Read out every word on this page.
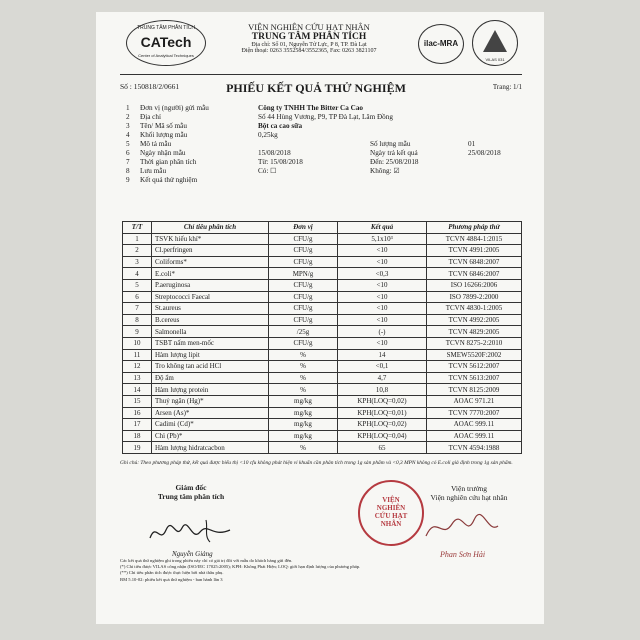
TRUNG TÂM PHÂN TÍCH
CATech
Center of Analytical Techniques
VIỆN NGHIÊN CỨU HẠT NHÂN
TRUNG TÂM PHÂN TÍCH
Địa chỉ: Số 01, Nguyễn Tử Lực, P 8, TP. Đà Lạt
Điện thoại: 0263 3552584/3552365, Fax: 0263 3821107
ilac-MRA
VILAS 031
Số : 150818/2/0661	PHIẾU KẾT QUẢ THỬ NGHIỆM	Trang: 1/1
1 Đơn vị (người) gửi mẫu	Công ty TNHH The Bitter Ca Cao
2 Địa chỉ	Số 44 Hùng Vương, P9, TP Đà Lạt, Lâm Đồng
3 Tên/ Mã số mẫu	Bột ca cao sữa
4 Khối lượng mẫu	0,25kg
5 Mô tả mẫu	Số lượng mẫu	01
6 Ngày nhận mẫu	15/08/2018	Ngày trả kết quả	25/08/2018
7 Thời gian phân tích	Từ: 15/08/2018	Đến: 25/08/2018
8 Lưu mẫu	Có: ☐	Không: ☑
9 Kết quả thử nghiệm
T/T	Chỉ tiêu phân tích	Đơn vị	Kết quả	Phương pháp thử
1	TSVK hiếu khí*	CFU/g	5,1x10³	TCVN 4884-1:2015
2	Cl.perfringen	CFU/g	<10	TCVN 4991:2005
3	Coliforms*	CFU/g	<10	TCVN 6848:2007
4	E.coli*	MPN/g	<0,3	TCVN 6846:2007
5	P.aeruginosa	CFU/g	<10	ISO 16266:2006
6	Streptococci Faecal	CFU/g	<10	ISO 7899-2:2000
7	St.aureus	CFU/g	<10	TCVN 4830-1:2005
8	B.cereus	CFU/g	<10	TCVN 4992:2005
9	Salmonella	/25g	(-)	TCVN 4829:2005
10	TSBT nấm men-mốc	CFU/g	<10	TCVN 8275-2:2010
11	Hàm lượng lipit	%	14	SMEW5520F:2002
12	Tro không tan acid HCl	%	<0,1	TCVN 5612:2007
13	Độ ẩm	%	4,7	TCVN 5613:2007
14	Hàm lượng protein	%	10,8	TCVN 8125:2009
15	Thuỷ ngân (Hg)*	mg/kg	KPH(LOQ=0,02)	AOAC 971.21
16	Arsen (As)*	mg/kg	KPH(LOQ=0,01)	TCVN 7770:2007
17	Cadimi (Cd)*	mg/kg	KPH(LOQ=0,02)	AOAC 999.11
18	Chì (Pb)*	mg/kg	KPH(LOQ=0,04)	AOAC 999.11
19	Hàm lượng hidratcacbon	%	65	TCVN 4594:1988
Ghi chú: Theo phương pháp thử, kết quả được biểu thị <10 cfu không phát hiện vi khuẩn cần phân tích trong 1g sản phẩm và <0,3 MPN không có E.coli giả định trong 1g sản phẩm.
Giám đốc
Trung tâm phân tích
Nguyễn Giảng
Viện trưởng
Viện nghiên cứu hạt nhân
VIỆN NGHIÊN CỨU HẠT NHÂN
Phan Sơn Hải
Các kết quả thử nghiệm ghi trong phiếu này chỉ có giá trị đối với mẫu do khách hàng gửi đến.
(*) Chỉ tiêu được VILAS công nhận (ISO/IEC 17025:2005); KPH: Không Phát Hiện; LOQ: giới hạn định lượng của phương pháp.
(**) Chỉ tiêu phân tích được thực hiện bởi nhà thầu phụ.
BM 5.10-02: phiếu kết quả thử nghiệm - ban hành lần 3
